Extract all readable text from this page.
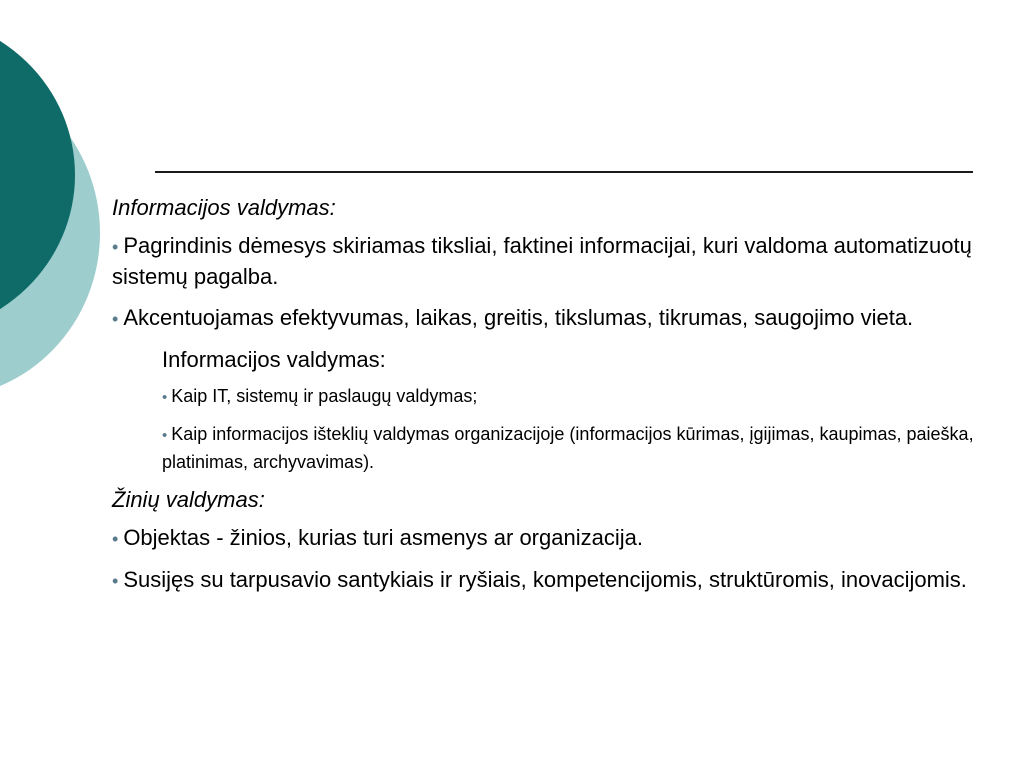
Informacijos valdymas:

• Pagrindinis dėmesys skiriamas tiksliai, faktinei informacijai, kuri valdoma automatizuotų sistemų pagalba.

• Akcentuojamas efektyvumas, laikas, greitis, tikslumas, tikrumas, saugojimo vieta.

Informacijos valdymas:

• Kaip IT, sistemų ir paslaugų valdymas;

• Kaip informacijos išteklių valdymas organizacijoje (informacijos kūrimas, įgijimas, kaupimas, paieška, platinimas, archyvavimas).

Žinių valdymas:

• Objektas - žinios, kurias turi asmenys ar organizacija.

• Susijęs su tarpusavio santykiais ir ryšiais, kompetencijomis, struktūromis, inovacijomis.
